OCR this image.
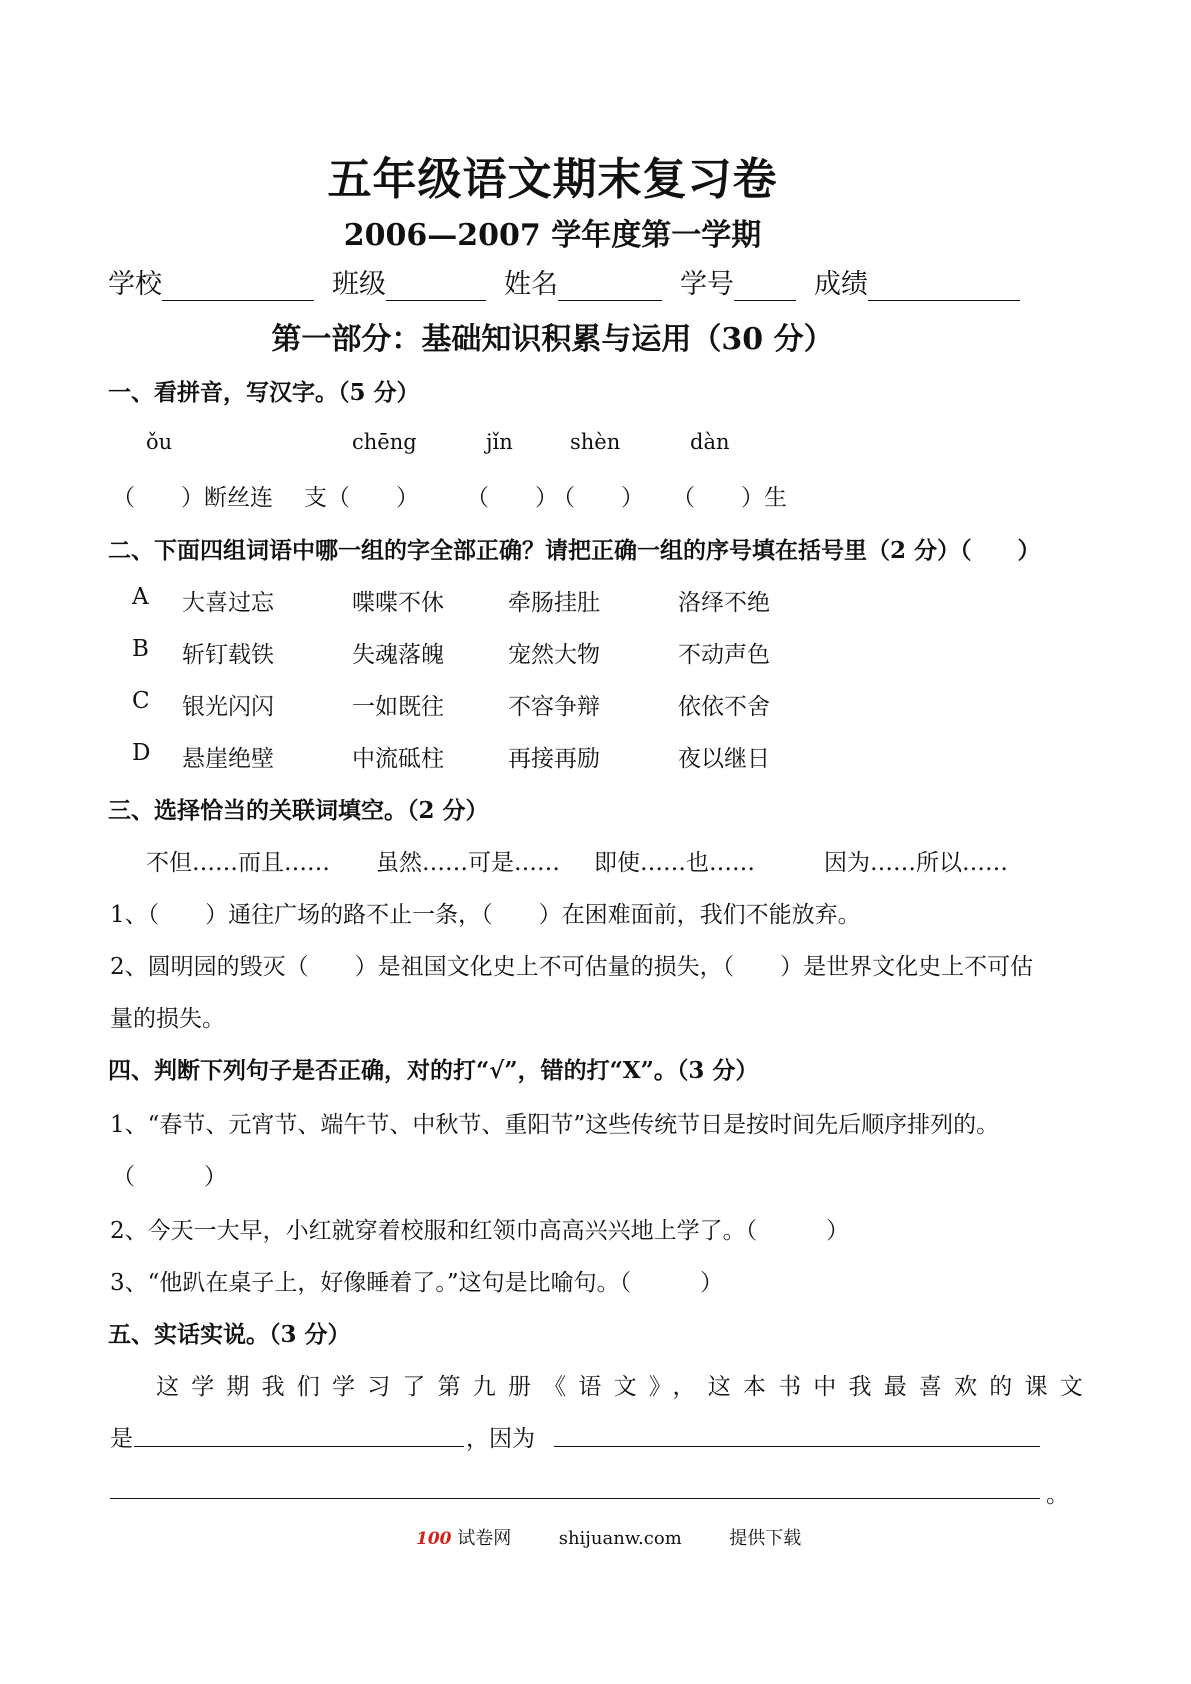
五年级语文期末复习卷
2006—2007 学年度第一学期
学校	班级	姓名	学号	成绩
第一部分：基础知识积累与运用（30 分）
一、看拼音，写汉字。（5 分）
ǒu	chēng	jǐn	shèn	dàn
（　　）断丝连 支（　　） （　　）
（　　） （　　）生
二、下面四组词语中哪一组的字全部正确？请把正确一组的序号填在括号里（2 分）（　　）
A 大喜过忘	喋喋不休	牵肠挂肚	洛绎不绝
B 斩钉载铁	失魂落魄	宠然大物	不动声色
C 银光闪闪	一如既往	不容争辩	依依不舍
D 悬崖绝壁	中流砥柱	再接再励	夜以继日
三、选择恰当的关联词填空。（2 分）
不但……而且…… 虽然……可是…… 即使……也……	因为……所以……
1、（　　）通往广场的路不止一条，（　　）在困难面前，我们不能放弃。
2、圆明园的毁灭（　　）是祖国文化史上不可估量的损失，（　　）是世界文化史上不可估
量的损失。
四、判断下列句子是否正确，对的打“√”，错的打“X”。（3 分）
1、“春节、元宵节、端午节、中秋节、重阳节”这些传统节日是按时间先后顺序排列的。
（　　　）
2、今天一大早，小红就穿着校服和红领巾高高兴兴地上学了。（　　　）
3、“他趴在桌子上，好像睡着了。”这句是比喻句。（　　　）
五、实话实说。（3 分）
这学期我们学习了第九册《语文》，这本书中我最喜欢的课文
是	，因为
。
100 试卷网	shijuanw.com	提供下载
